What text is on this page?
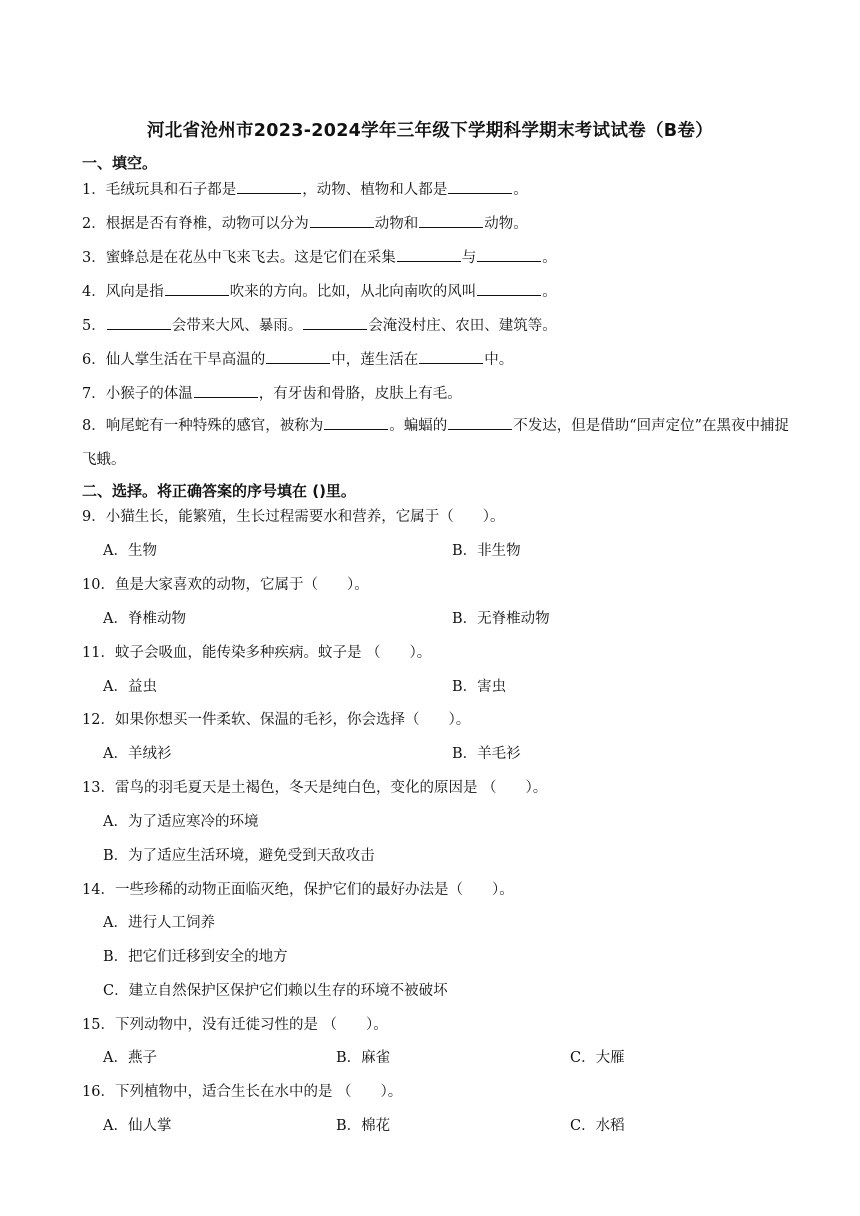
河北省沧州市2023-2024学年三年级下学期科学期末考试试卷（B卷）
一、填空。
1．毛绒玩具和石子都是	，动物、植物和人都是	。
2．根据是否有脊椎，动物可以分为	动物和	动物。
3．蜜蜂总是在花丛中飞来飞去。这是它们在采集	与	。
4．风向是指	吹来的方向。比如，从北向南吹的风叫	。
5．	会带来大风、暴雨。	会淹没村庄、农田、建筑等。
6．仙人掌生活在干旱高温的	中，莲生活在	中。
7．小猴子的体温	，有牙齿和骨胳，皮肤上有毛。
8．响尾蛇有一种特殊的感官，被称为	。蝙蝠的	不发达，但是借助“回声定位”在黑夜中捕捉飞蛾。
二、选择。将正确答案的序号填在 ()里。
9．小猫生长，能繁殖，生长过程需要水和营养，它属于（　　）。
A．生物	B．非生物
10．鱼是大家喜欢的动物，它属于（　　）。
A．脊椎动物	B．无脊椎动物
11．蚊子会吸血，能传染多种疾病。蚊子是 （　　）。
A．益虫	B．害虫
12．如果你想买一件柔软、保温的毛衫，你会选择（　　）。
A．羊绒衫	B．羊毛衫
13．雷鸟的羽毛夏天是土褐色，冬天是纯白色，变化的原因是 （　　）。
A．为了适应寒冷的环境
B．为了适应生活环境，避免受到天敌攻击
14．一些珍稀的动物正面临灭绝，保护它们的最好办法是（　　）。
A．进行人工饲养
B．把它们迁移到安全的地方
C．建立自然保护区保护它们赖以生存的环境不被破坏
15．下列动物中，没有迁徙习性的是 （　　）。
A．燕子	B．麻雀	C．大雁
16．下列植物中，适合生长在水中的是 （　　）。
A．仙人掌	B．棉花	C．水稻
